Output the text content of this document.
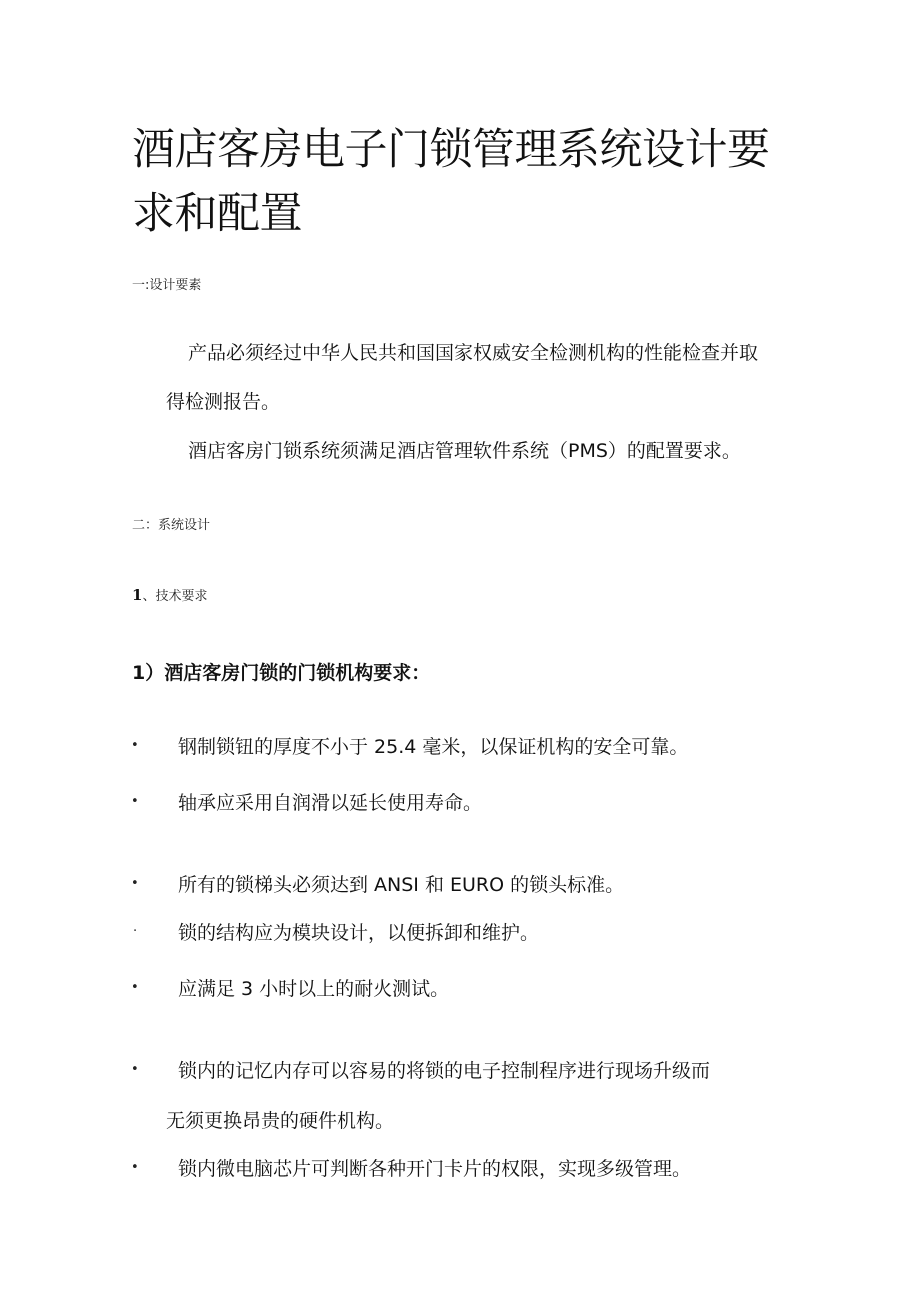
酒店客房电子门锁管理系统设计要求和配置
一:设计要素
产品必须经过中华人民共和国国家权威安全检测机构的性能检查并取
得检测报告。
酒店客房门锁系统须满足酒店管理软件系统（PMS）的配置要求。
二：系统设计
1、技术要求
1）酒店客房门锁的门锁机构要求：
• 钢制锁钮的厚度不小于 25.4 毫米，以保证机构的安全可靠。
• 轴承应采用自润滑以延长使用寿命。
• 所有的锁梯头必须达到 ANSI 和 EURO 的锁头标准。
· 锁的结构应为模块设计，以便拆卸和维护。
• 应满足 3 小时以上的耐火测试。
• 锁内的记忆内存可以容易的将锁的电子控制程序进行现场升级而
无须更换昂贵的硬件机构。
• 锁内微电脑芯片可判断各种开门卡片的权限，实现多级管理。
